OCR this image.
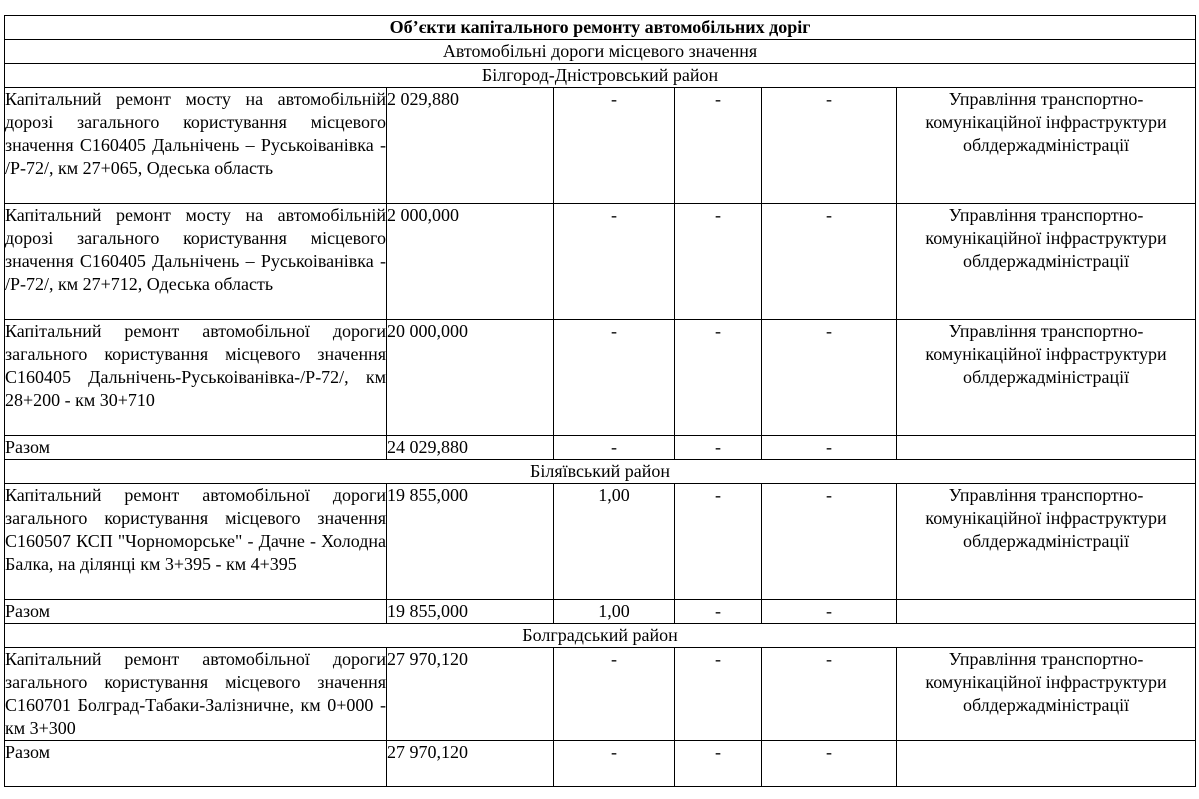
Об’єкти капітального ремонту автомобільних доріг					
Автомобільні дороги місцевого значення					
Білгород-Дністровський район					
Капітальний ремонт мосту на автомобільній дорозі загального користування місцевого значення С160405 Дальнічень – Руськоіванівка - /Р-72/, км 27+065, Одеська область	2 029,880	-	-	-	Управління транспортно-комунікаційної інфраструктури облдержадміністрації
Капітальний ремонт мосту на автомобільній дорозі загального користування місцевого значення С160405 Дальнічень – Руськоіванівка - /Р-72/, км 27+712, Одеська область	2 000,000	-	-	-	Управління транспортно-комунікаційної інфраструктури облдержадміністрації
Капітальний ремонт автомобільної дороги загального користування місцевого значення С160405 Дальнічень-Руськоіванівка-/Р-72/, км 28+200 - км 30+710	20 000,000	-	-	-	Управління транспортно-комунікаційної інфраструктури облдержадміністрації
Разом	24 029,880	-	-	-	
Біляївський район					
Капітальний ремонт автомобільної дороги загального користування місцевого значення С160507 КСП "Чорноморське" - Дачне - Холодна Балка, на ділянці км 3+395 - км 4+395	19 855,000	1,00	-	-	Управління транспортно-комунікаційної інфраструктури облдержадміністрації
Разом	19 855,000	1,00	-	-	
Болградський район					
Капітальний ремонт автомобільної дороги загального користування місцевого значення С160701 Болград-Табаки-Залізничне, км 0+000 - км 3+300	27 970,120	-	-	-	Управління транспортно-комунікаційної інфраструктури облдержадміністрації
Разом	27 970,120	-	-	-	
